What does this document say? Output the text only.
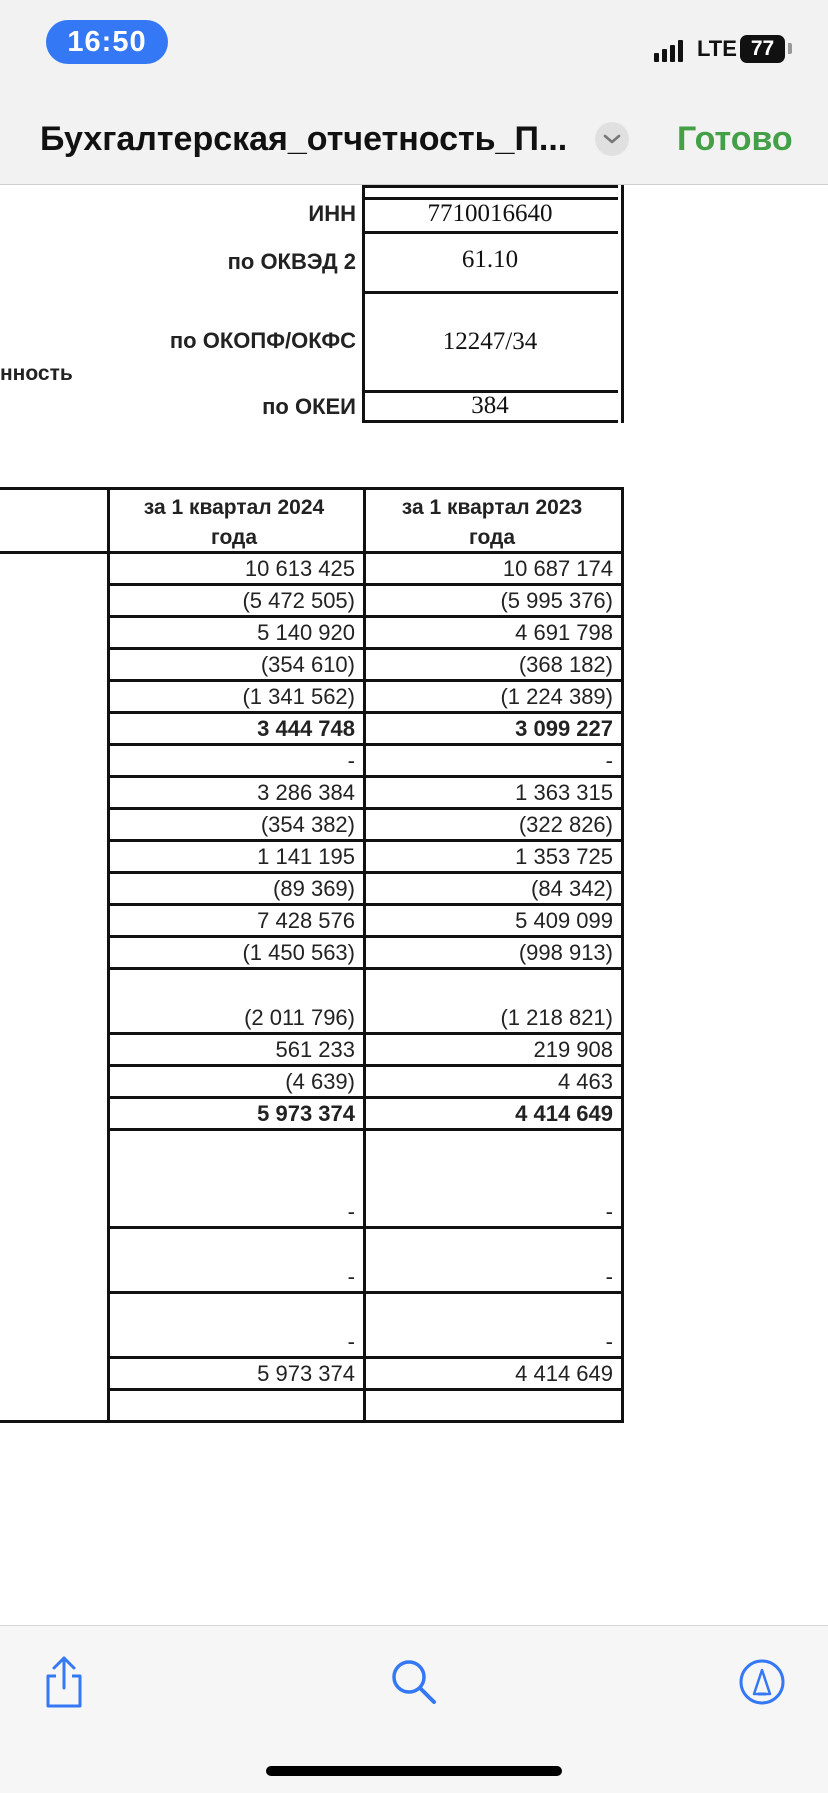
16:50	LTE 77
Бухгалтерская_отчетность_П...	Готово
ИНН	7710016640
по ОКВЭД 2	61.10
по ОКОПФ/ОКФС	12247/34
по ОКЕИ	384
нность
за 1 квартал 2024
года
за 1 квартал 2023
года
10 613 425	10 687 174
(5 472 505)	(5 995 376)
5 140 920	4 691 798
(354 610)	(368 182)
(1 341 562)	(1 224 389)
3 444 748	3 099 227
-	-
3 286 384	1 363 315
(354 382)	(322 826)
1 141 195	1 353 725
(89 369)	(84 342)
7 428 576	5 409 099
(1 450 563)	(998 913)
(2 011 796)	(1 218 821)
561 233	219 908
(4 639)	4 463
5 973 374	4 414 649
-	-
-	-
-	-
5 973 374	4 414 649
